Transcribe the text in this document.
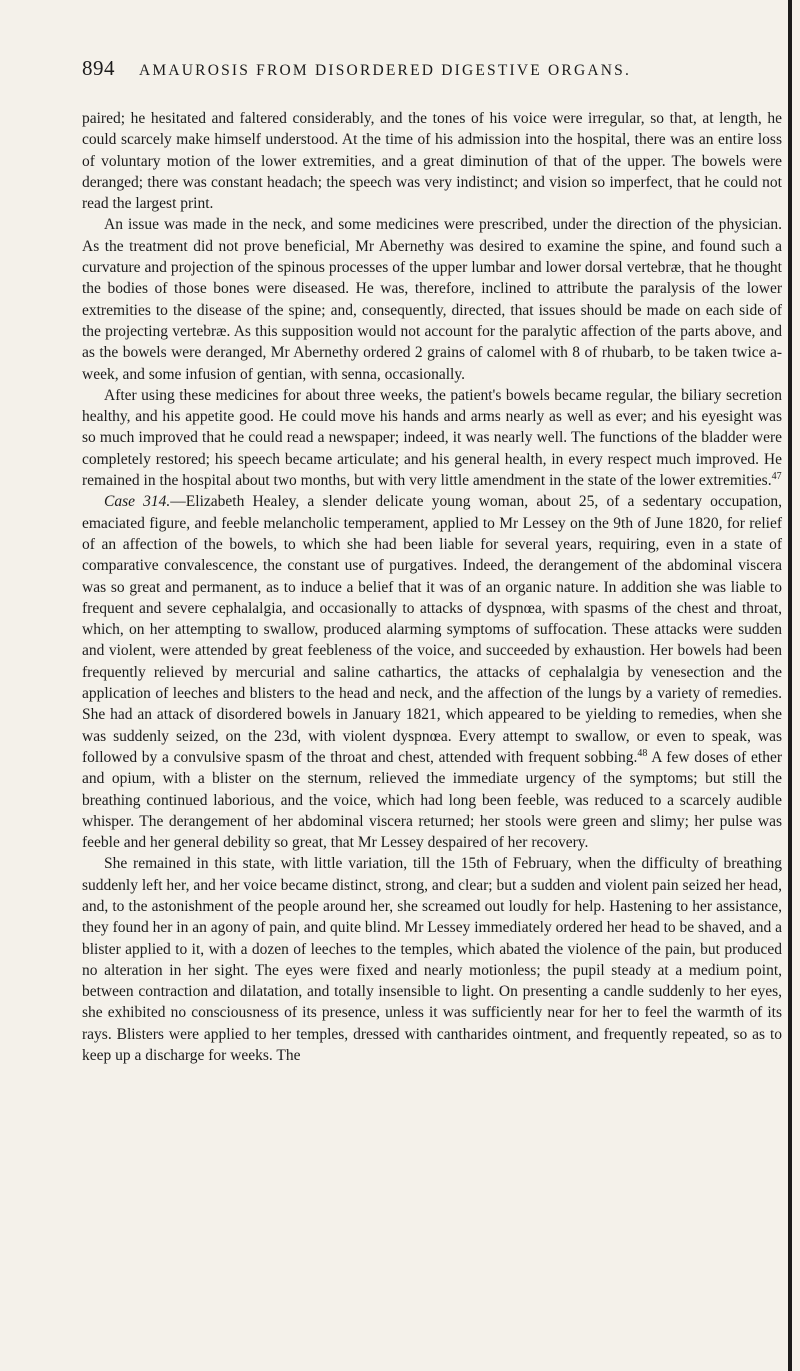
894 AMAUROSIS FROM DISORDERED DIGESTIVE ORGANS.

paired; he hesitated and faltered considerably, and the tones of his voice were irregular, so that, at length, he could scarcely make himself understood. At the time of his admission into the hospital, there was an entire loss of voluntary motion of the lower extremities, and a great diminution of that of the upper. The bowels were deranged; there was constant headach; the speech was very indistinct; and vision so imperfect, that he could not read the largest print.

An issue was made in the neck, and some medicines were prescribed, under the direction of the physician. As the treatment did not prove beneficial, Mr Abernethy was desired to examine the spine, and found such a curvature and projection of the spinous processes of the upper lumbar and lower dorsal vertebræ, that he thought the bodies of those bones were diseased. He was, therefore, inclined to attribute the paralysis of the lower extremities to the disease of the spine; and, consequently, directed, that issues should be made on each side of the projecting vertebræ. As this supposition would not account for the paralytic affection of the parts above, and as the bowels were deranged, Mr Abernethy ordered 2 grains of calomel with 8 of rhubarb, to be taken twice a-week, and some infusion of gentian, with senna, occasionally.

After using these medicines for about three weeks, the patient's bowels became regular, the biliary secretion healthy, and his appetite good. He could move his hands and arms nearly as well as ever; and his eyesight was so much improved that he could read a newspaper; indeed, it was nearly well. The functions of the bladder were completely restored; his speech became articulate; and his general health, in every respect much improved. He remained in the hospital about two months, but with very little amendment in the state of the lower extremities.$^{47}$

Case 314.—Elizabeth Healey, a slender delicate young woman, about 25, of a sedentary occupation, emaciated figure, and feeble melancholic temperament, applied to Mr Lessey on the 9th of June 1820, for relief of an affection of the bowels, to which she had been liable for several years, requiring, even in a state of comparative convalescence, the constant use of purgatives. Indeed, the derangement of the abdominal viscera was so great and permanent, as to induce a belief that it was of an organic nature. In addition she was liable to frequent and severe cephalalgia, and occasionally to attacks of dyspnœa, with spasms of the chest and throat, which, on her attempting to swallow, produced alarming symptoms of suffocation. These attacks were sudden and violent, were attended by great feebleness of the voice, and succeeded by exhaustion. Her bowels had been frequently relieved by mercurial and saline cathartics, the attacks of cephalalgia by venesection and the application of leeches and blisters to the head and neck, and the affection of the lungs by a variety of remedies. She had an attack of disordered bowels in January 1821, which appeared to be yielding to remedies, when she was suddenly seized, on the 23d, with violent dyspnœa. Every attempt to swallow, or even to speak, was followed by a convulsive spasm of the throat and chest, attended with frequent sobbing.$^{48}$ A few doses of ether and opium, with a blister on the sternum, relieved the immediate urgency of the symptoms; but still the breathing continued laborious, and the voice, which had long been feeble, was reduced to a scarcely audible whisper. The derangement of her abdominal viscera returned; her stools were green and slimy; her pulse was feeble and her general debility so great, that Mr Lessey despaired of her recovery.

She remained in this state, with little variation, till the 15th of February, when the difficulty of breathing suddenly left her, and her voice became distinct, strong, and clear; but a sudden and violent pain seized her head, and, to the astonishment of the people around her, she screamed out loudly for help. Hastening to her assistance, they found her in an agony of pain, and quite blind. Mr Lessey immediately ordered her head to be shaved, and a blister applied to it, with a dozen of leeches to the temples, which abated the violence of the pain, but produced no alteration in her sight. The eyes were fixed and nearly motionless; the pupil steady at a medium point, between contraction and dilatation, and totally insensible to light. On presenting a candle suddenly to her eyes, she exhibited no consciousness of its presence, unless it was sufficiently near for her to feel the warmth of its rays. Blisters were applied to her temples, dressed with cantharides ointment, and frequently repeated, so as to keep up a discharge for weeks. The
